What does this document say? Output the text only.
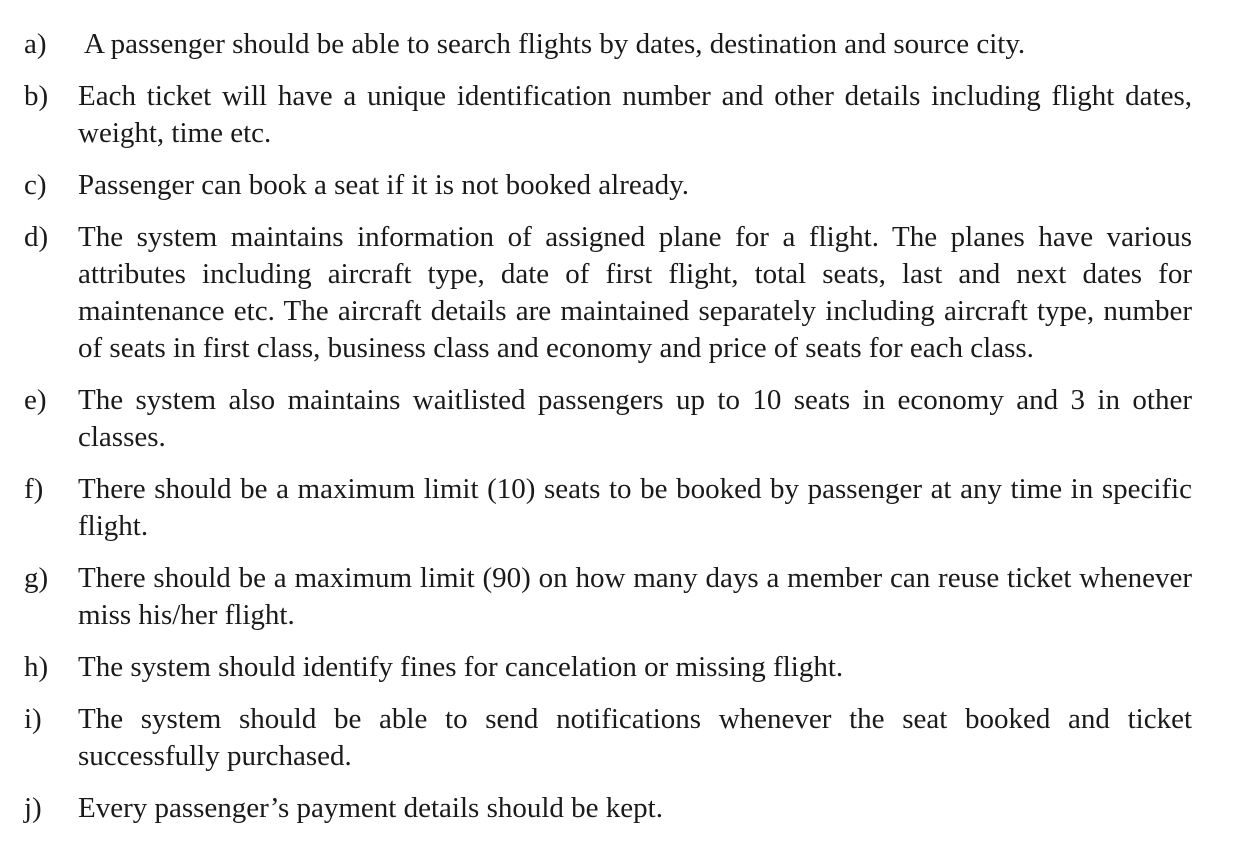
a)	A passenger should be able to search flights by dates, destination and source city.
b)	Each ticket will have a unique identification number and other details including flight dates, weight, time etc.
c)	Passenger can book a seat if it is not booked already.
d)	The system maintains information of assigned plane for a flight. The planes have various attributes including aircraft type, date of first flight, total seats, last and next dates for maintenance etc. The aircraft details are maintained separately including aircraft type, number of seats in first class, business class and economy and price of seats for each class.
e)	The system also maintains waitlisted passengers up to 10 seats in economy and 3 in other classes.
f)	There should be a maximum limit (10) seats to be booked by passenger at any time in specific flight.
g)	There should be a maximum limit (90) on how many days a member can reuse ticket whenever miss his/her flight.
h)	The system should identify fines for cancelation or missing flight.
i)	The system should be able to send notifications whenever the seat booked and ticket successfully purchased.
j)	Every passenger’s payment details should be kept.
